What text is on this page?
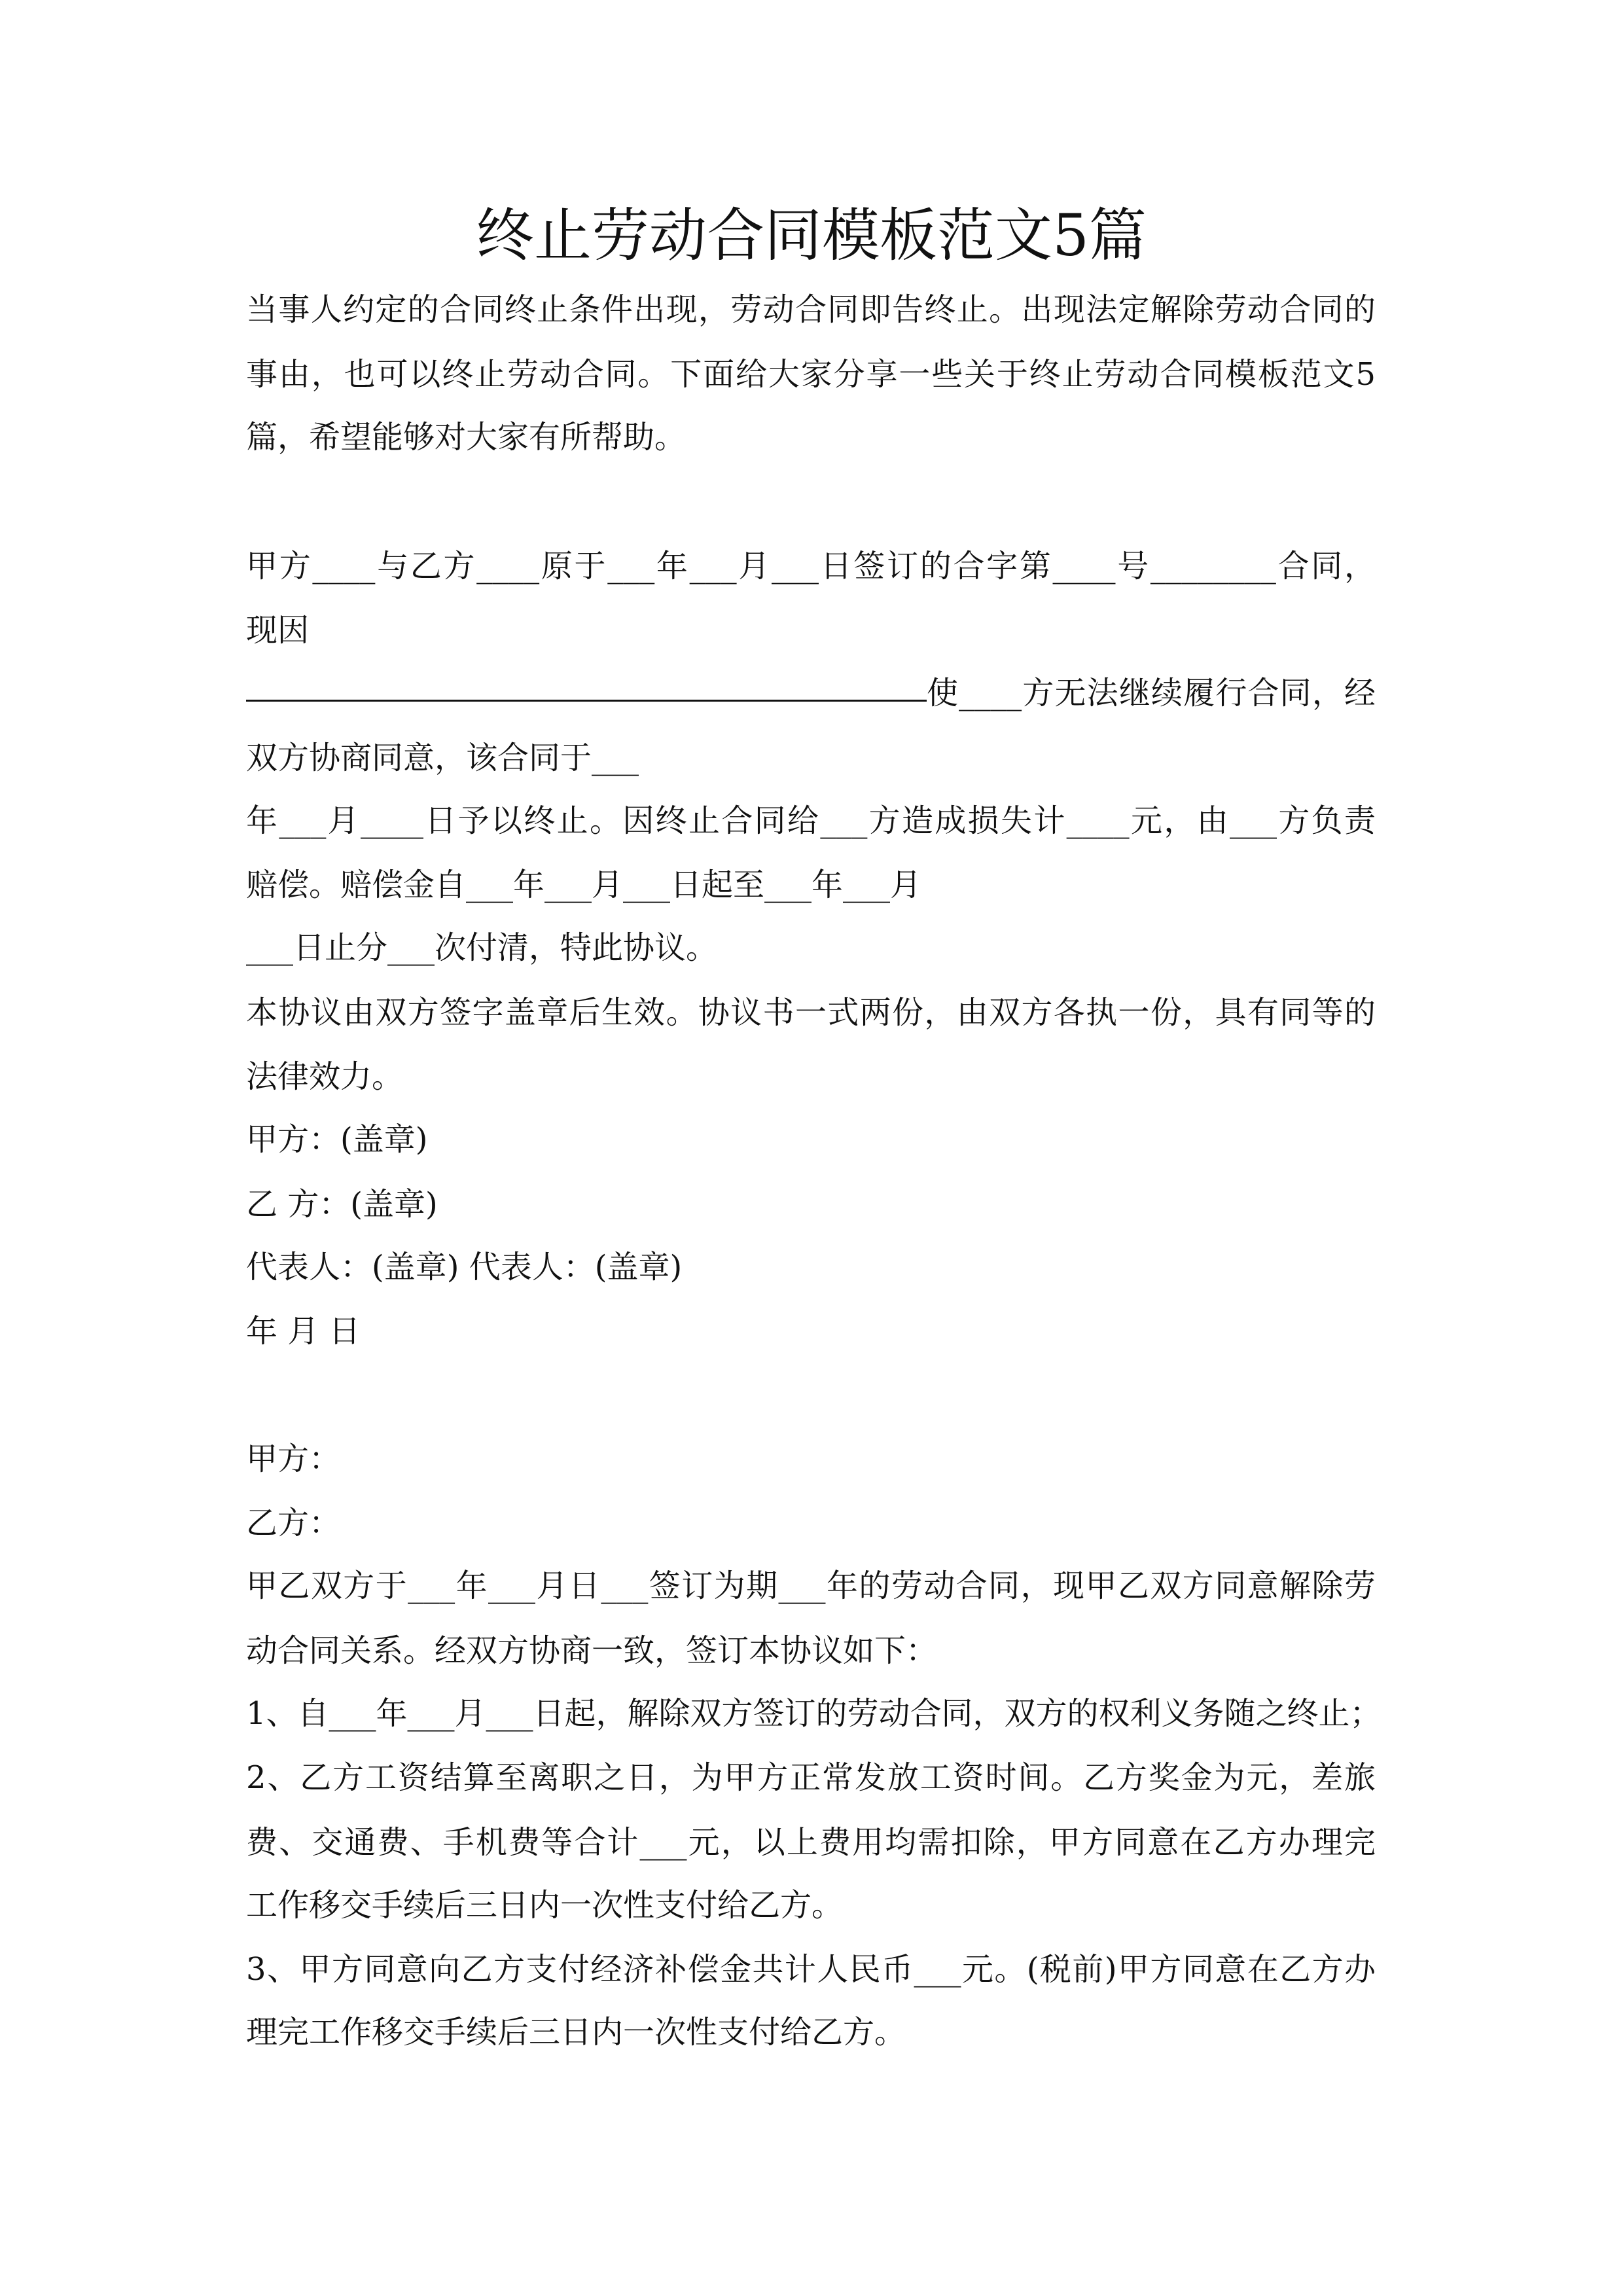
终止劳动合同模板范文5篇
当事人约定的合同终止条件出现，劳动合同即告终止。出现法定解除劳动合同的
事由，也可以终止劳动合同。下面给大家分享一些关于终止劳动合同模板范文5
篇，希望能够对大家有所帮助。
甲方____与乙方____原于___年___月___日签订的合字第____号________合同，
现因
使____方无法继续履行合同，经
双方协商同意，该合同于___
年___月____日予以终止。因终止合同给___方造成损失计____元，由___方负责
赔偿。赔偿金自___年___月___日起至___年___月
___日止分___次付清，特此协议。
本协议由双方签字盖章后生效。协议书一式两份，由双方各执一份，具有同等的
法律效力。
甲方：(盖章)
乙 方：(盖章)
代表人：(盖章) 代表人：(盖章)
年 月 日
甲方：
乙方：
甲乙双方于___年___月日___签订为期___年的劳动合同，现甲乙双方同意解除劳
动合同关系。经双方协商一致，签订本协议如下：
1、自___年___月___日起，解除双方签订的劳动合同，双方的权利义务随之终止；
2、乙方工资结算至离职之日，为甲方正常发放工资时间。乙方奖金为元，差旅
费、交通费、手机费等合计___元，以上费用均需扣除，甲方同意在乙方办理完
工作移交手续后三日内一次性支付给乙方。
3、甲方同意向乙方支付经济补偿金共计人民币___元。(税前)甲方同意在乙方办
理完工作移交手续后三日内一次性支付给乙方。
